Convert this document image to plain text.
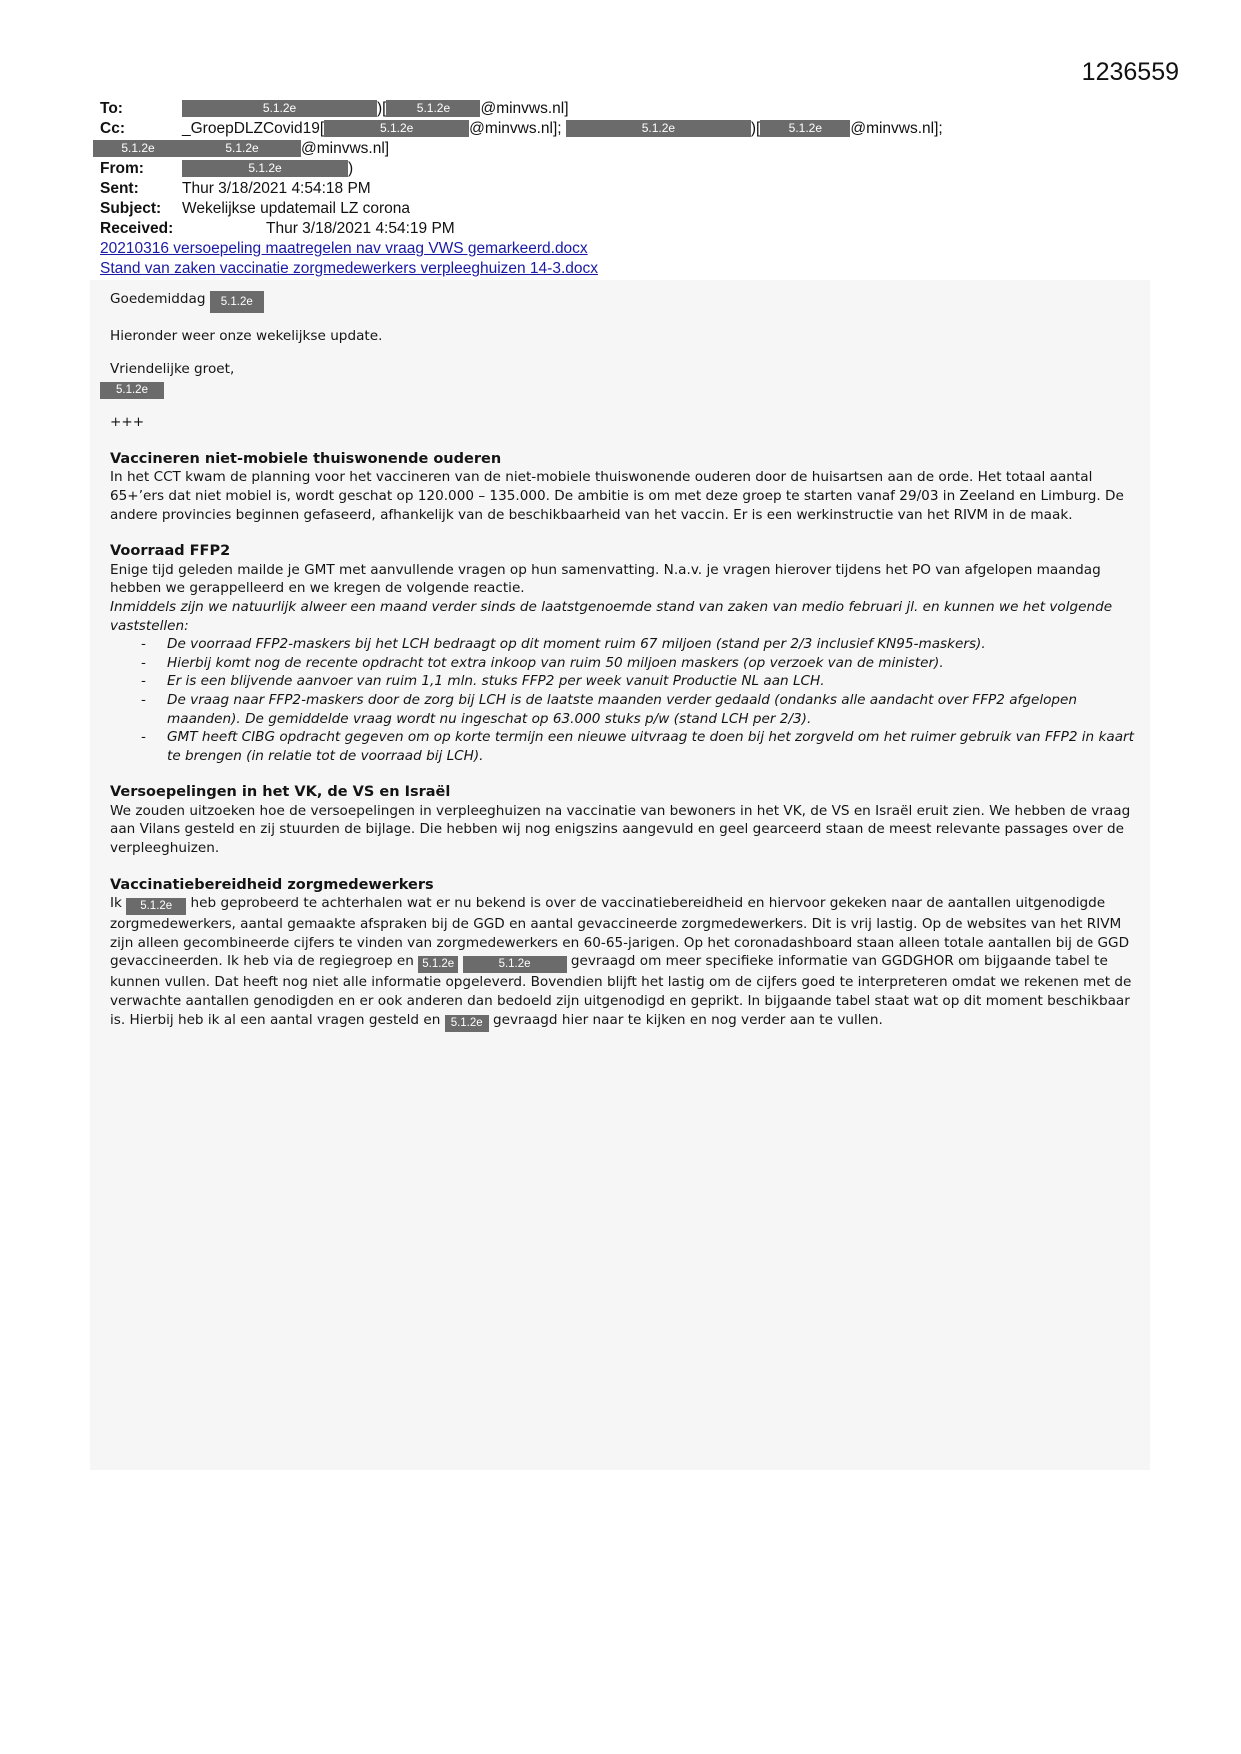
1236559
To:	5.1.2e	)[	5.1.2e @minvws.nl]
Cc:	_GroepDLZCovid19[	5.1.2e	@minvws.nl];	5.1.2e	)[ 5.1.2e @minvws.nl];
5.1.2e	5.1.2e	@minvws.nl]
From:	5.1.2e	)
Sent:	Thur 3/18/2021 4:54:18 PM
Subject: Wekelijkse updatemail LZ corona
Received:	Thur 3/18/2021 4:54:19 PM
20210316 versoepeling maatregelen nav vraag VWS gemarkeerd.docx
Stand van zaken vaccinatie zorgmedewerkers verpleeghuizen 14-3.docx

Goedemiddag 5.1.2e

Hieronder weer onze wekelijkse update.

Vriendelijke groet,

5.1.2e

+++

Vaccineren niet-mobiele thuiswonende ouderen

In het CCT kwam de planning voor het vaccineren van de niet-mobiele thuiswonende ouderen door de huisartsen aan de orde. Het totaal aantal 65+’ers dat niet mobiel is, wordt geschat op 120.000 – 135.000. De ambitie is om met deze groep te starten vanaf 29/03 in Zeeland en Limburg. De andere provincies beginnen gefaseerd, afhankelijk van de beschikbaarheid van het vaccin. Er is een werkinstructie van het RIVM in de maak.

Voorraad FFP2

Enige tijd geleden mailde je GMT met aanvullende vragen op hun samenvatting. N.a.v. je vragen hierover tijdens het PO van afgelopen maandag hebben we gerappelleerd en we kregen de volgende reactie.

Inmiddels zijn we natuurlijk alweer een maand verder sinds de laatstgenoemde stand van zaken van medio februari jl. en kunnen we het volgende vaststellen:

- De voorraad FFP2-maskers bij het LCH bedraagt op dit moment ruim 67 miljoen (stand per 2/3 inclusief KN95-maskers).
- Hierbij komt nog de recente opdracht tot extra inkoop van ruim 50 miljoen maskers (op verzoek van de minister).
- Er is een blijvende aanvoer van ruim 1,1 mln. stuks FFP2 per week vanuit Productie NL aan LCH.
- De vraag naar FFP2-maskers door de zorg bij LCH is de laatste maanden verder gedaald (ondanks alle aandacht over FFP2 afgelopen maanden). De gemiddelde vraag wordt nu ingeschat op 63.000 stuks p/w (stand LCH per 2/3).
- GMT heeft CIBG opdracht gegeven om op korte termijn een nieuwe uitvraag te doen bij het zorgveld om het ruimer gebruik van FFP2 in kaart te brengen (in relatie tot de voorraad bij LCH).

Versoepelingen in het VK, de VS en Israël

We zouden uitzoeken hoe de versoepelingen in verpleeghuizen na vaccinatie van bewoners in het VK, de VS en Israël eruit zien. We hebben de vraag aan Vilans gesteld en zij stuurden de bijlage. Die hebben wij nog enigszins aangevuld en geel gearceerd staan de meest relevante passages over de verpleeghuizen.

Vaccinatiebereidheid zorgmedewerkers

Ik 5.1.2e heb geprobeerd te achterhalen wat er nu bekend is over de vaccinatiebereidheid en hiervoor gekeken naar de aantallen uitgenodigde zorgmedewerkers, aantal gemaakte afspraken bij de GGD en aantal gevaccineerde zorgmedewerkers. Dit is vrij lastig. Op de websites van het RIVM zijn alleen gecombineerde cijfers te vinden van zorgmedewerkers en 60-65-jarigen. Op het coronadashboard staan alleen totale aantallen bij de GGD gevaccineerden. Ik heb via de regiegroep en 5.1.2e	5.1.2e	gevraagd om meer specifieke informatie van GGDGHOR om bijgaande tabel te kunnen vullen. Dat heeft nog niet alle informatie opgeleverd. Bovendien blijft het lastig om de cijfers goed te interpreteren omdat we rekenen met de verwachte aantallen genodigden en er ook anderen dan bedoeld zijn uitgenodigd en geprikt. In bijgaande tabel staat wat op dit moment beschikbaar is. Hierbij heb ik al een aantal vragen gesteld en 5.1.2e gevraagd hier naar te kijken en nog verder aan te vullen.
